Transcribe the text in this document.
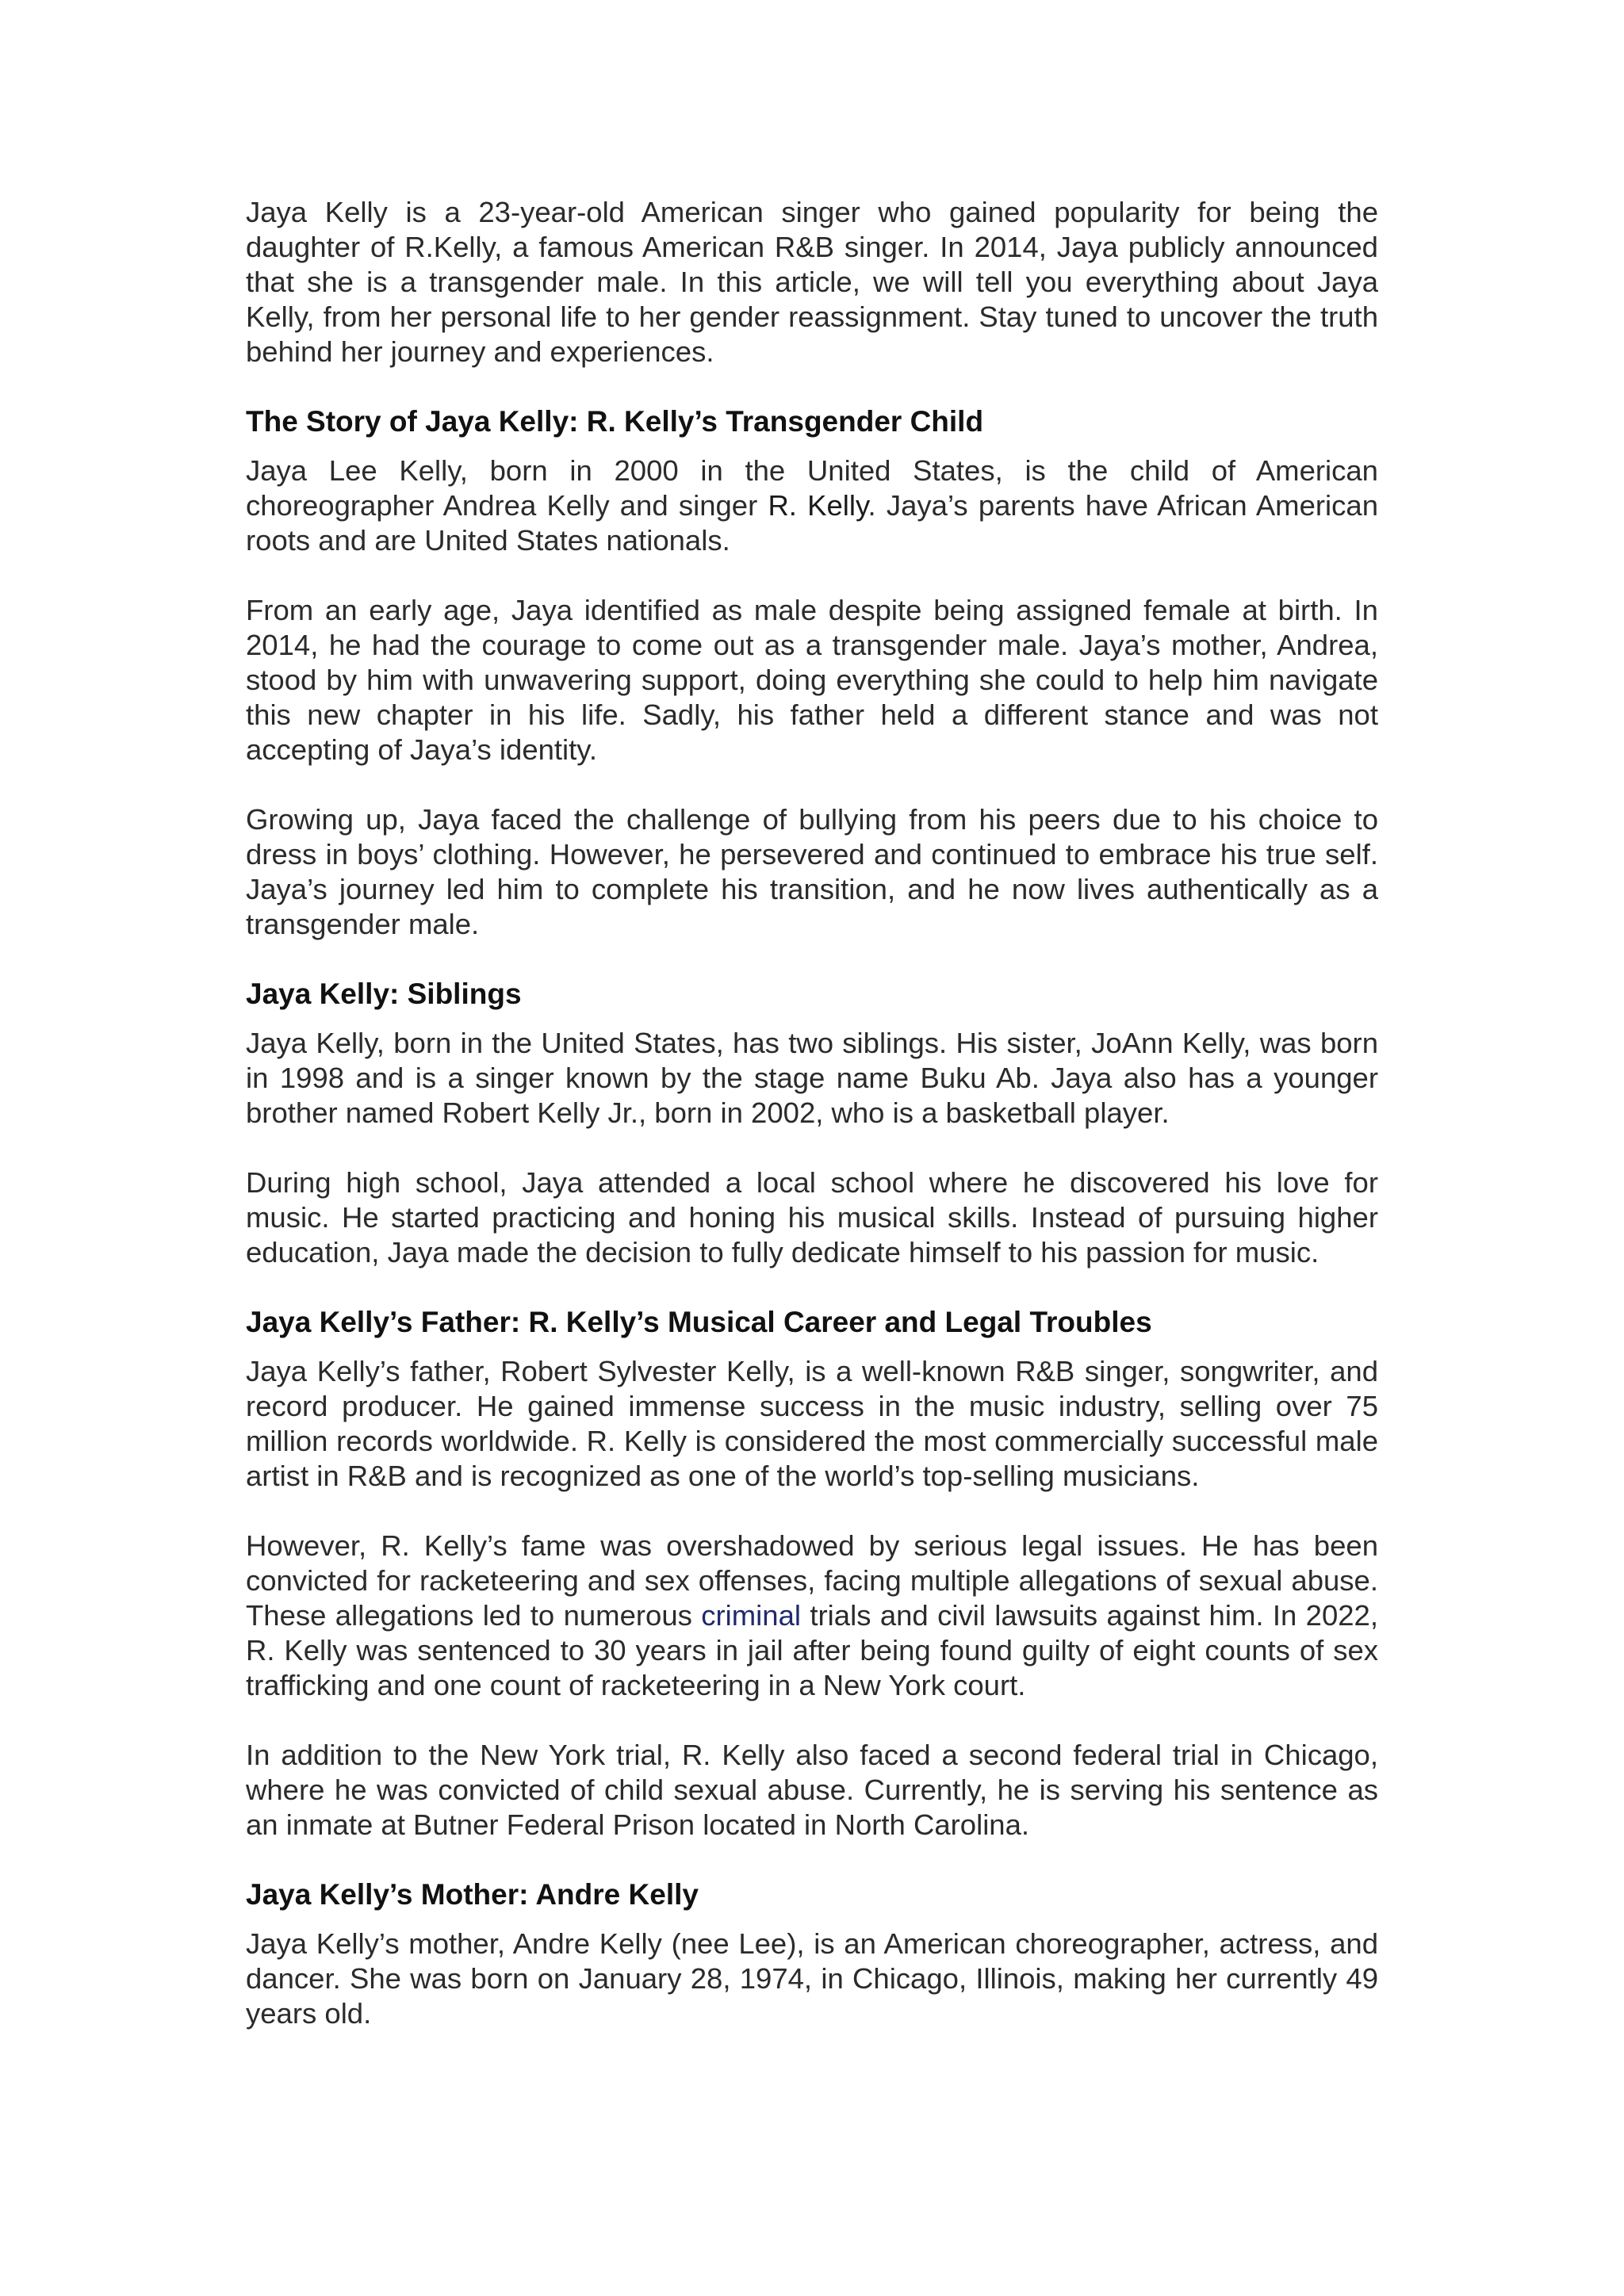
Jaya Kelly is a 23-year-old American singer who gained popularity for being the daughter of R.Kelly, a famous American R&B singer. In 2014, Jaya publicly announced that she is a transgender male. In this article, we will tell you everything about Jaya Kelly, from her personal life to her gender reassignment. Stay tuned to uncover the truth behind her journey and experiences.

The Story of Jaya Kelly: R. Kelly’s Transgender Child

Jaya Lee Kelly, born in 2000 in the United States, is the child of American choreographer Andrea Kelly and singer R. Kelly. Jaya’s parents have African American roots and are United States nationals.

From an early age, Jaya identified as male despite being assigned female at birth. In 2014, he had the courage to come out as a transgender male. Jaya’s mother, Andrea, stood by him with unwavering support, doing everything she could to help him navigate this new chapter in his life. Sadly, his father held a different stance and was not accepting of Jaya’s identity.

Growing up, Jaya faced the challenge of bullying from his peers due to his choice to dress in boys’ clothing. However, he persevered and continued to embrace his true self. Jaya’s journey led him to complete his transition, and he now lives authentically as a transgender male.

Jaya Kelly: Siblings

Jaya Kelly, born in the United States, has two siblings. His sister, JoAnn Kelly, was born in 1998 and is a singer known by the stage name Buku Ab. Jaya also has a younger brother named Robert Kelly Jr., born in 2002, who is a basketball player.

During high school, Jaya attended a local school where he discovered his love for music. He started practicing and honing his musical skills. Instead of pursuing higher education, Jaya made the decision to fully dedicate himself to his passion for music.

Jaya Kelly’s Father: R. Kelly’s Musical Career and Legal Troubles

Jaya Kelly’s father, Robert Sylvester Kelly, is a well-known R&B singer, songwriter, and record producer. He gained immense success in the music industry, selling over 75 million records worldwide. R. Kelly is considered the most commercially successful male artist in R&B and is recognized as one of the world’s top-selling musicians.

However, R. Kelly’s fame was overshadowed by serious legal issues. He has been convicted for racketeering and sex offenses, facing multiple allegations of sexual abuse. These allegations led to numerous criminal trials and civil lawsuits against him. In 2022, R. Kelly was sentenced to 30 years in jail after being found guilty of eight counts of sex trafficking and one count of racketeering in a New York court.

In addition to the New York trial, R. Kelly also faced a second federal trial in Chicago, where he was convicted of child sexual abuse. Currently, he is serving his sentence as an inmate at Butner Federal Prison located in North Carolina.

Jaya Kelly’s Mother: Andre Kelly

Jaya Kelly’s mother, Andre Kelly (nee Lee), is an American choreographer, actress, and dancer. She was born on January 28, 1974, in Chicago, Illinois, making her currently 49 years old.
